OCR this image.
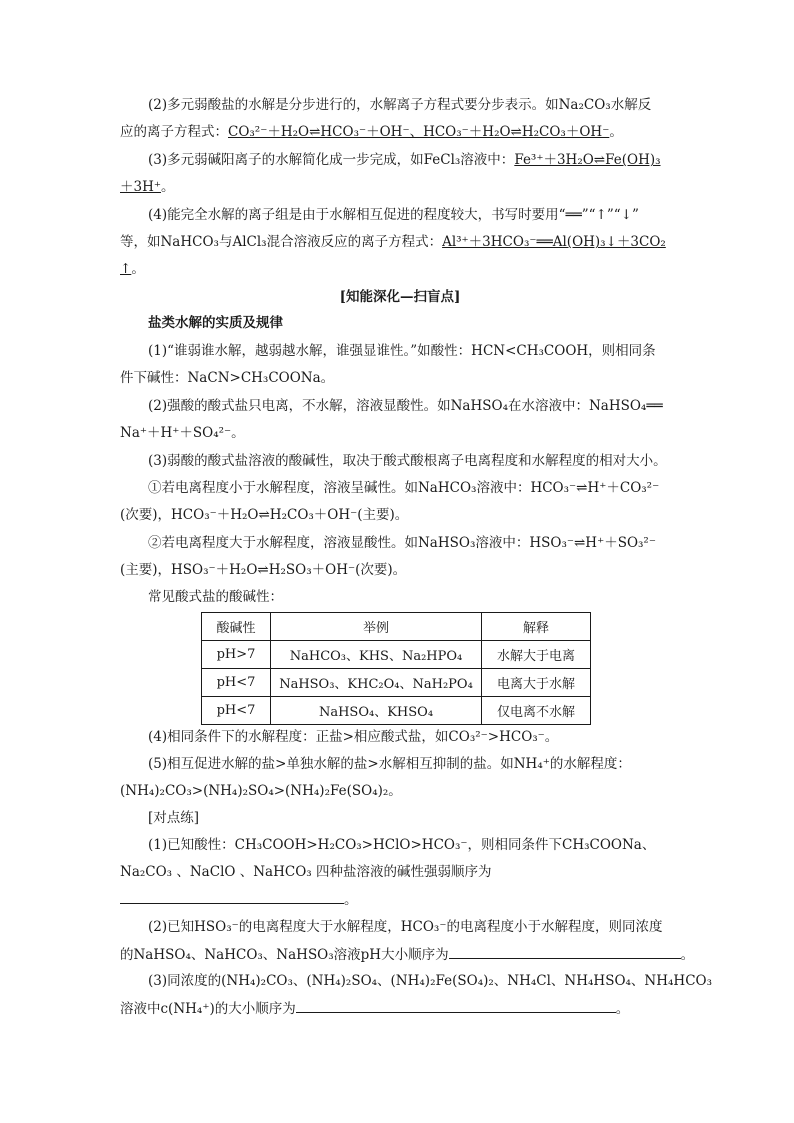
(2)多元弱酸盐的水解是分步进行的，水解离子方程式要分步表示。如Na₂CO₃水解反
应的离子方程式：CO₃²⁻＋H₂O⇌HCO₃⁻＋OH⁻、HCO₃⁻＋H₂O⇌H₂CO₃＋OH⁻。
(3)多元弱碱阳离子的水解简化成一步完成，如FeCl₃溶液中：Fe³⁺＋3H₂O⇌Fe(OH)₃
＋3H⁺。
(4)能完全水解的离子组是由于水解相互促进的程度较大，书写时要用“══”“↑”“↓”
等，如NaHCO₃与AlCl₃混合溶液反应的离子方程式：Al³⁺＋3HCO₃⁻══Al(OH)₃↓＋3CO₂
↑。
[知能深化—扫盲点]
盐类水解的实质及规律
(1)“谁弱谁水解，越弱越水解，谁强显谁性。”如酸性：HCN<CH₃COOH，则相同条
件下碱性：NaCN>CH₃COONa。
(2)强酸的酸式盐只电离，不水解，溶液显酸性。如NaHSO₄在水溶液中：NaHSO₄══
Na⁺＋H⁺＋SO₄²⁻。
(3)弱酸的酸式盐溶液的酸碱性，取决于酸式酸根离子电离程度和水解程度的相对大小。
①若电离程度小于水解程度，溶液呈碱性。如NaHCO₃溶液中：HCO₃⁻⇌H⁺＋CO₃²⁻
(次要)，HCO₃⁻＋H₂O⇌H₂CO₃＋OH⁻(主要)。
②若电离程度大于水解程度，溶液显酸性。如NaHSO₃溶液中：HSO₃⁻⇌H⁺＋SO₃²⁻
(主要)，HSO₃⁻＋H₂O⇌H₂SO₃＋OH⁻(次要)。
常见酸式盐的酸碱性：
酸碱性	举例	解释
pH>7	NaHCO₃、KHS、Na₂HPO₄	水解大于电离
pH<7	NaHSO₃、KHC₂O₄、NaH₂PO₄	电离大于水解
pH<7	NaHSO₄、KHSO₄	仅电离不水解
(4)相同条件下的水解程度：正盐>相应酸式盐，如CO₃²⁻>HCO₃⁻。
(5)相互促进水解的盐>单独水解的盐>水解相互抑制的盐。如NH₄⁺的水解程度：
(NH₄)₂CO₃>(NH₄)₂SO₄>(NH₄)₂Fe(SO₄)₂。
[对点练]
(1)已知酸性：CH₃COOH>H₂CO₃>HClO>HCO₃⁻，则相同条件下CH₃COONa、
Na₂CO₃ 、NaClO 、NaHCO₃ 四种盐溶液的碱性强弱顺序为
。
(2)已知HSO₃⁻的电离程度大于水解程度，HCO₃⁻的电离程度小于水解程度，则同浓度
的NaHSO₄、NaHCO₃、NaHSO₃溶液pH大小顺序为	。
(3)同浓度的(NH₄)₂CO₃、(NH₄)₂SO₄、(NH₄)₂Fe(SO₄)₂、NH₄Cl、NH₄HSO₄、NH₄HCO₃
溶液中c(NH₄⁺)的大小顺序为	。
